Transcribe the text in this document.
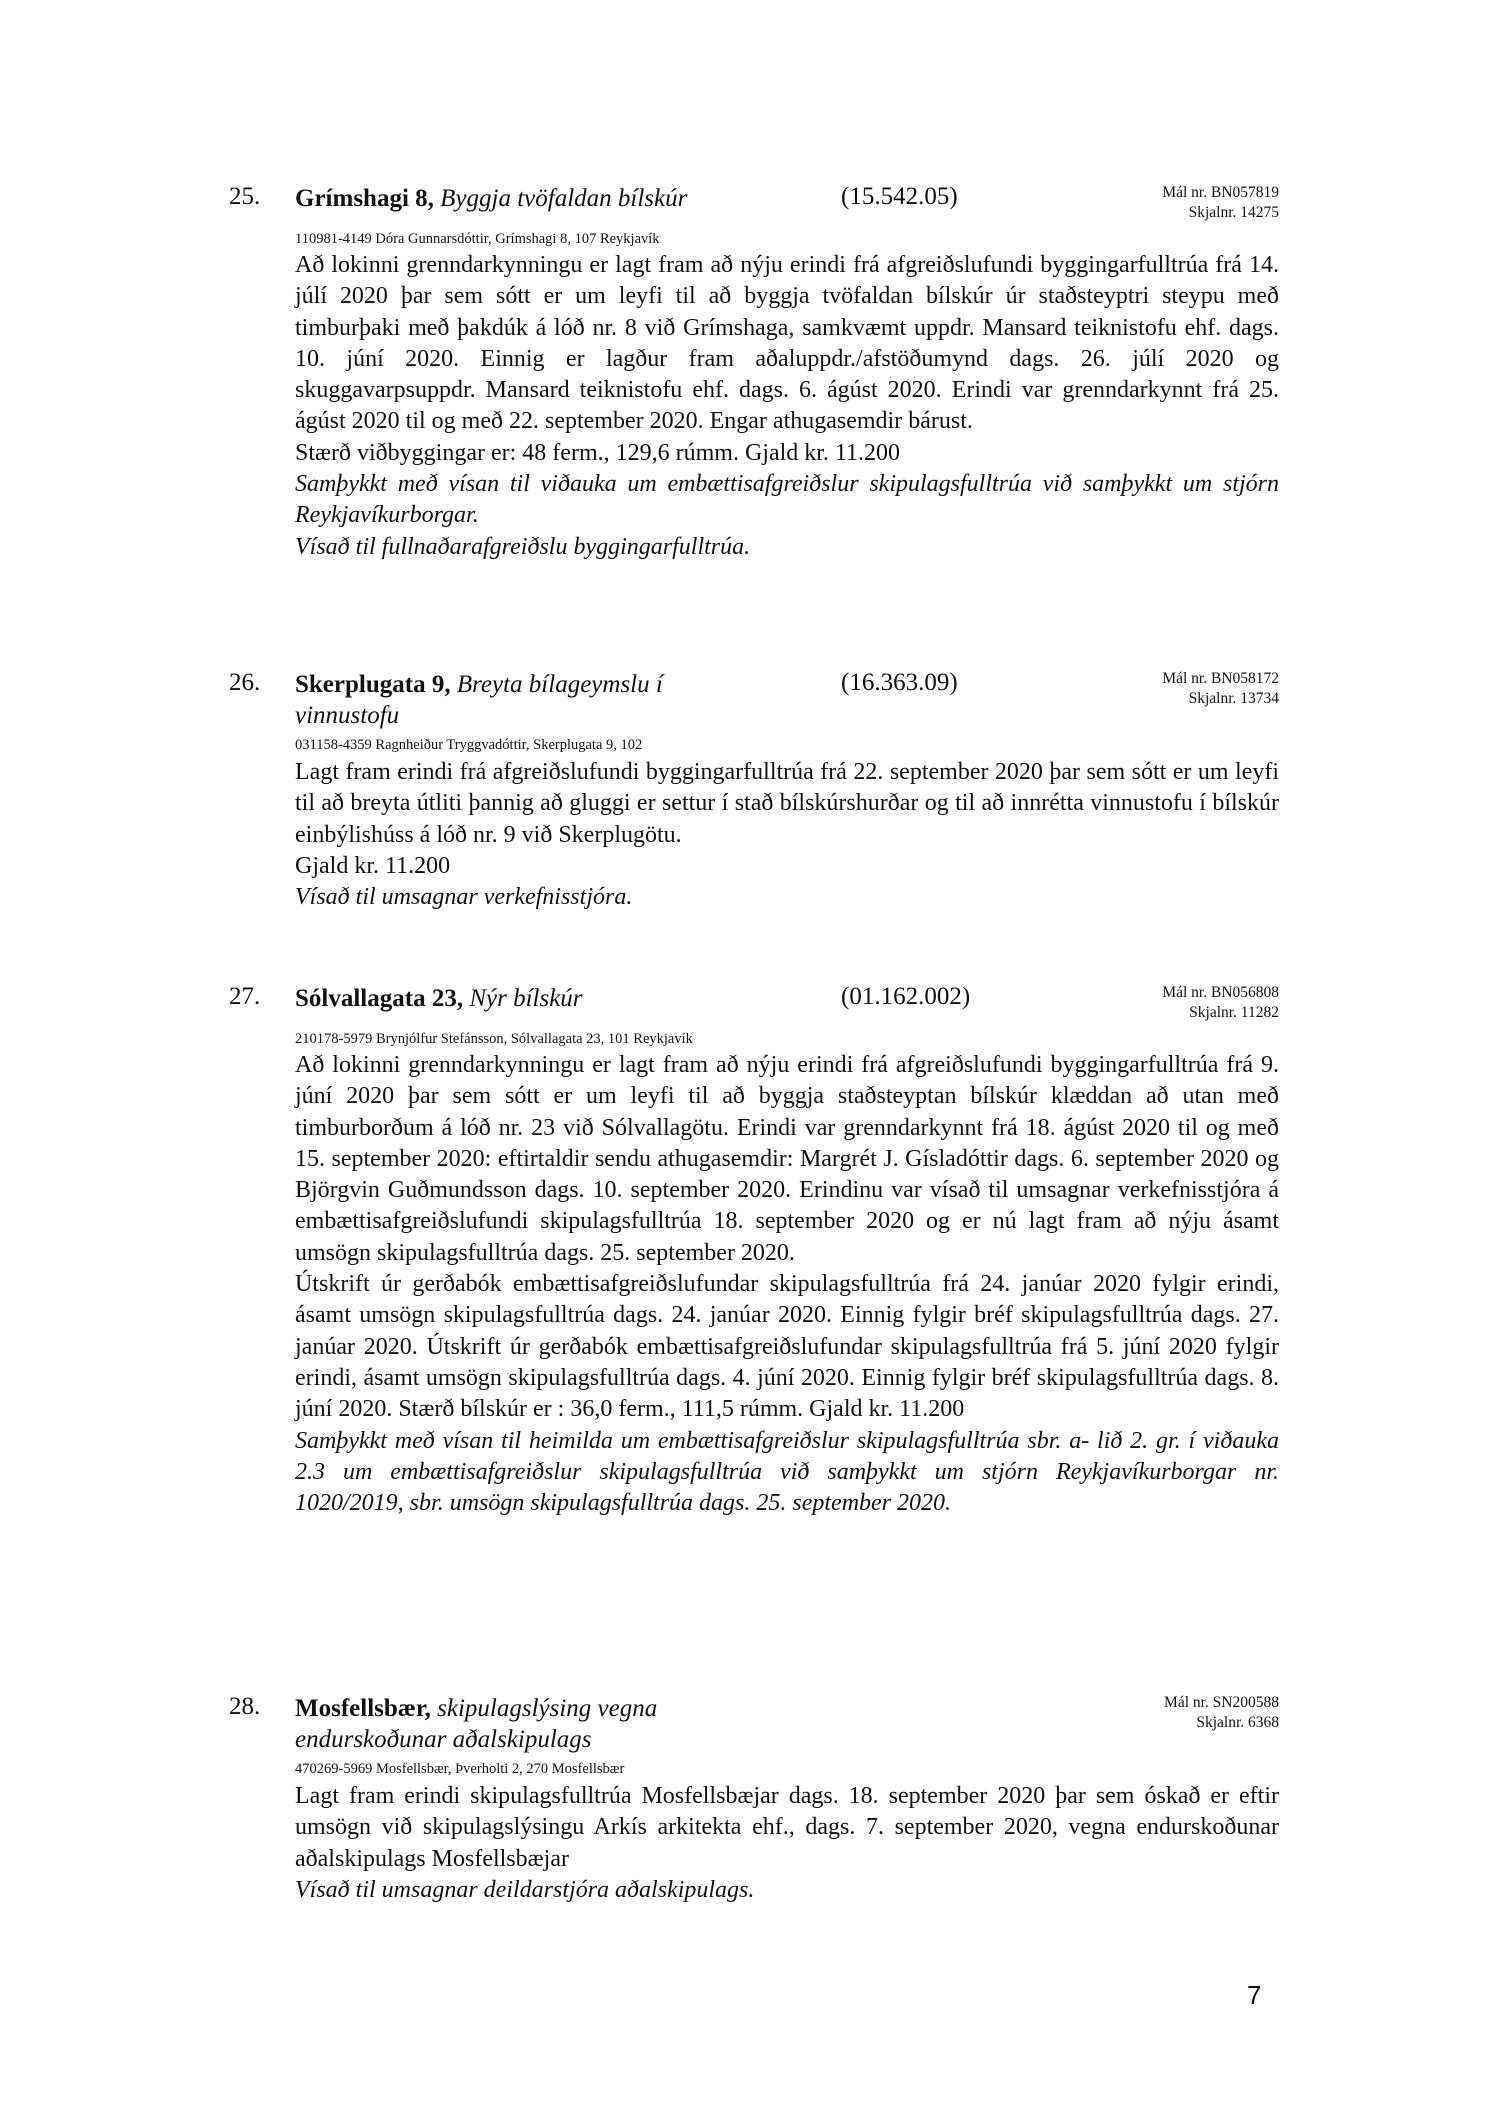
25. Grímshagi 8, Byggja tvöfaldan bílskúr	(15.542.05)	Mál nr. BN057819
Skjalnr. 14275
110981-4149 Dóra Gunnarsdóttir, Grímshagi 8, 107 Reykjavík

Að lokinni grenndarkynningu er lagt fram að nýju erindi frá afgreiðslufundi byggingarfulltrúa frá 14. júlí 2020 þar sem sótt er um leyfi til að byggja tvöfaldan bílskúr úr staðsteyptri steypu með timburþaki með þakdúk á lóð nr. 8 við Grímshaga, samkvæmt uppdr. Mansard teiknistofu ehf. dags. 10. júní 2020. Einnig er lagður fram aðaluppdr./afstöðumynd dags. 26. júlí 2020 og skuggavarpsuppdr. Mansard teiknistofu ehf. dags. 6. ágúst 2020. Erindi var grenndarkynnt frá 25. ágúst 2020 til og með 22. september 2020. Engar athugasemdir bárust.

Stærð viðbyggingar er: 48 ferm., 129,6 rúmm. Gjald kr. 11.200

Samþykkt með vísan til viðauka um embættisafgreiðslur skipulagsfulltrúa við samþykkt um stjórn Reykjavíkurborgar.

Vísað til fullnaðarafgreiðslu byggingarfulltrúa.

26. Skerplugata 9, Breyta bílageymslu í vinnustofu
(16.363.09)	Mál nr. BN058172
Skjalnr. 13734
031158-4359 Ragnheiður Tryggvadóttir, Skerplugata 9, 102

Lagt fram erindi frá afgreiðslufundi byggingarfulltrúa frá 22. september 2020 þar sem sótt er um leyfi til að breyta útliti þannig að gluggi er settur í stað bílskúrshurðar og til að innrétta vinnustofu í bílskúr einbýlishúss á lóð nr. 9 við Skerplugötu.

Gjald kr. 11.200

Vísað til umsagnar verkefnisstjóra.

27. Sólvallagata 23, Nýr bílskúr	(01.162.002)	Mál nr. BN056808
Skjalnr. 11282
210178-5979 Brynjólfur Stefánsson, Sólvallagata 23, 101 Reykjavík

Að lokinni grenndarkynningu er lagt fram að nýju erindi frá afgreiðslufundi byggingarfulltrúa frá 9. júní 2020 þar sem sótt er um leyfi til að byggja staðsteyptan bílskúr klæddan að utan með timburborðum á lóð nr. 23 við Sólvallagötu. Erindi var grenndarkynnt frá 18. ágúst 2020 til og með 15. september 2020: eftirtaldir sendu athugasemdir: Margrét J. Gísladóttir dags. 6. september 2020 og Björgvin Guðmundsson dags. 10. september 2020. Erindinu var vísað til umsagnar verkefnisstjóra á embættisafgreiðslufundi skipulagsfulltrúa 18. september 2020 og er nú lagt fram að nýju ásamt umsögn skipulagsfulltrúa dags. 25. september 2020.

Útskrift úr gerðabók embættisafgreiðslufundar skipulagsfulltrúa frá 24. janúar 2020 fylgir erindi, ásamt umsögn skipulagsfulltrúa dags. 24. janúar 2020. Einnig fylgir bréf skipulagsfulltrúa dags. 27. janúar 2020. Útskrift úr gerðabók embættisafgreiðslufundar skipulagsfulltrúa frá 5. júní 2020 fylgir erindi, ásamt umsögn skipulagsfulltrúa dags. 4. júní 2020. Einnig fylgir bréf skipulagsfulltrúa dags. 8. júní 2020. Stærð bílskúr er : 36,0 ferm., 111,5 rúmm. Gjald kr. 11.200

Samþykkt með vísan til heimilda um embættisafgreiðslur skipulagsfulltrúa sbr. a- lið 2. gr. í viðauka 2.3 um embættisafgreiðslur skipulagsfulltrúa við samþykkt um stjórn Reykjavíkurborgar nr. 1020/2019, sbr. umsögn skipulagsfulltrúa dags. 25. september 2020.

28. Mosfellsbær, skipulagslýsing vegna endurskoðunar aðalskipulags
Mál nr. SN200588
Skjalnr. 6368
470269-5969 Mosfellsbær, Þverholti 2, 270 Mosfellsbær

Lagt fram erindi skipulagsfulltrúa Mosfellsbæjar dags. 18. september 2020 þar sem óskað er eftir umsögn við skipulagslýsingu Arkís arkitekta ehf., dags. 7. september 2020, vegna endurskoðunar aðalskipulags Mosfellsbæjar

Vísað til umsagnar deildarstjóra aðalskipulags.

7
